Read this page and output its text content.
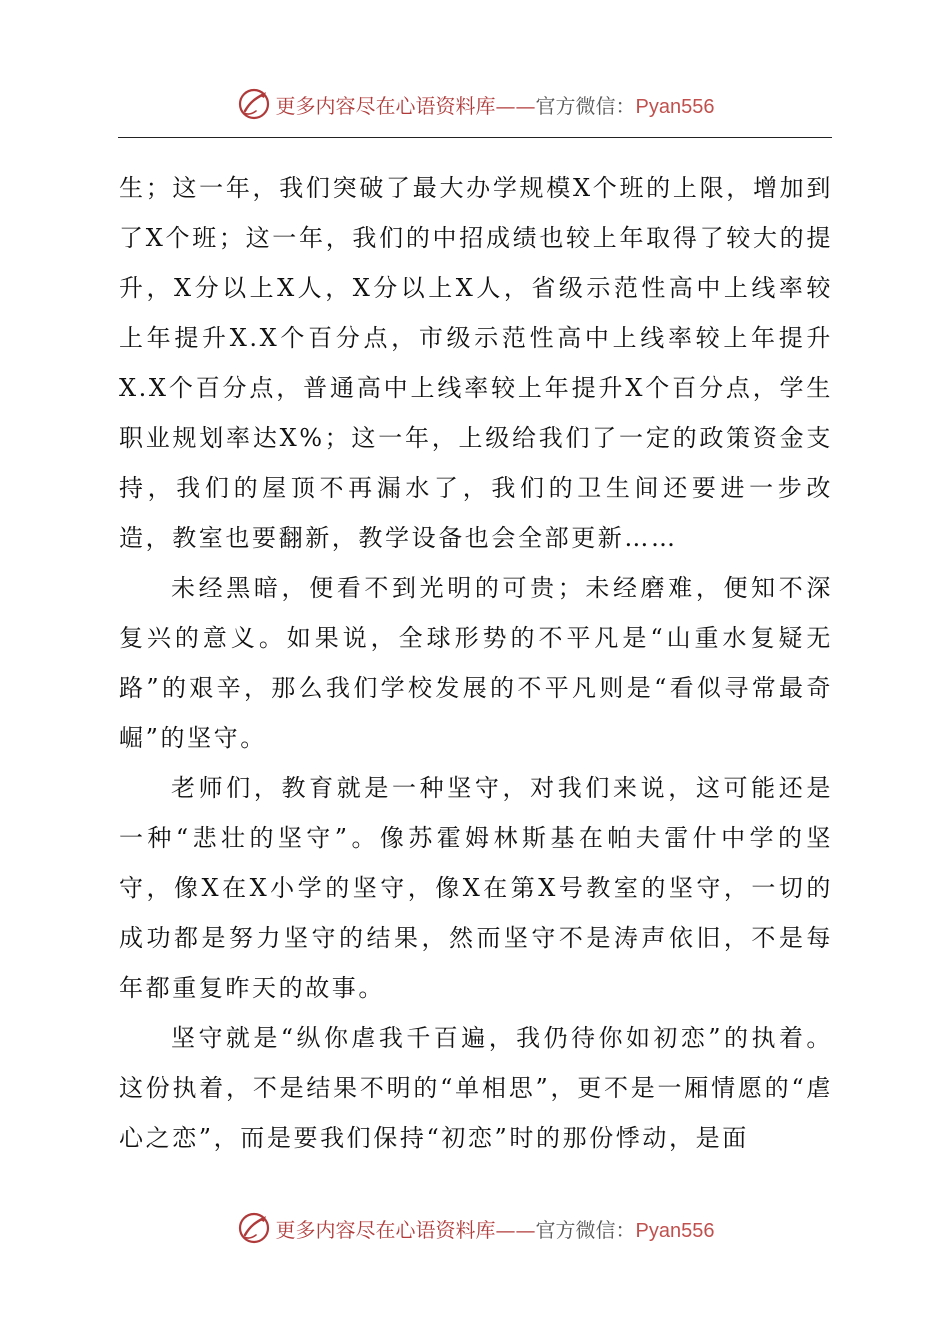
更多内容尽在心语资料库——官方微信：Pyan556

生；这一年，我们突破了最大办学规模X个班的上限，增加到了X个班；这一年，我们的中招成绩也较上年取得了较大的提升，X分以上X人，X分以上X人，省级示范性高中上线率较上年提升X.X个百分点，市级示范性高中上线率较上年提升X.X个百分点，普通高中上线率较上年提升X个百分点，学生职业规划率达X%；这一年，上级给我们了一定的政策资金支持，我们的屋顶不再漏水了，我们的卫生间还要进一步改造，教室也要翻新，教学设备也会全部更新……

未经黑暗，便看不到光明的可贵；未经磨难，便知不深复兴的意义。如果说，全球形势的不平凡是“山重水复疑无路”的艰辛，那么我们学校发展的不平凡则是“看似寻常最奇崛”的坚守。

老师们，教育就是一种坚守，对我们来说，这可能还是一种“悲壮的坚守”。像苏霍姆林斯基在帕夫雷什中学的坚守，像X在X小学的坚守，像X在第X号教室的坚守，一切的成功都是努力坚守的结果，然而坚守不是涛声依旧，不是每年都重复昨天的故事。

坚守就是“纵你虐我千百遍，我仍待你如初恋”的执着。这份执着，不是结果不明的“单相思”，更不是一厢情愿的“虐心之恋”，而是要我们保持“初恋”时的那份悸动，是面

更多内容尽在心语资料库——官方微信：Pyan556
